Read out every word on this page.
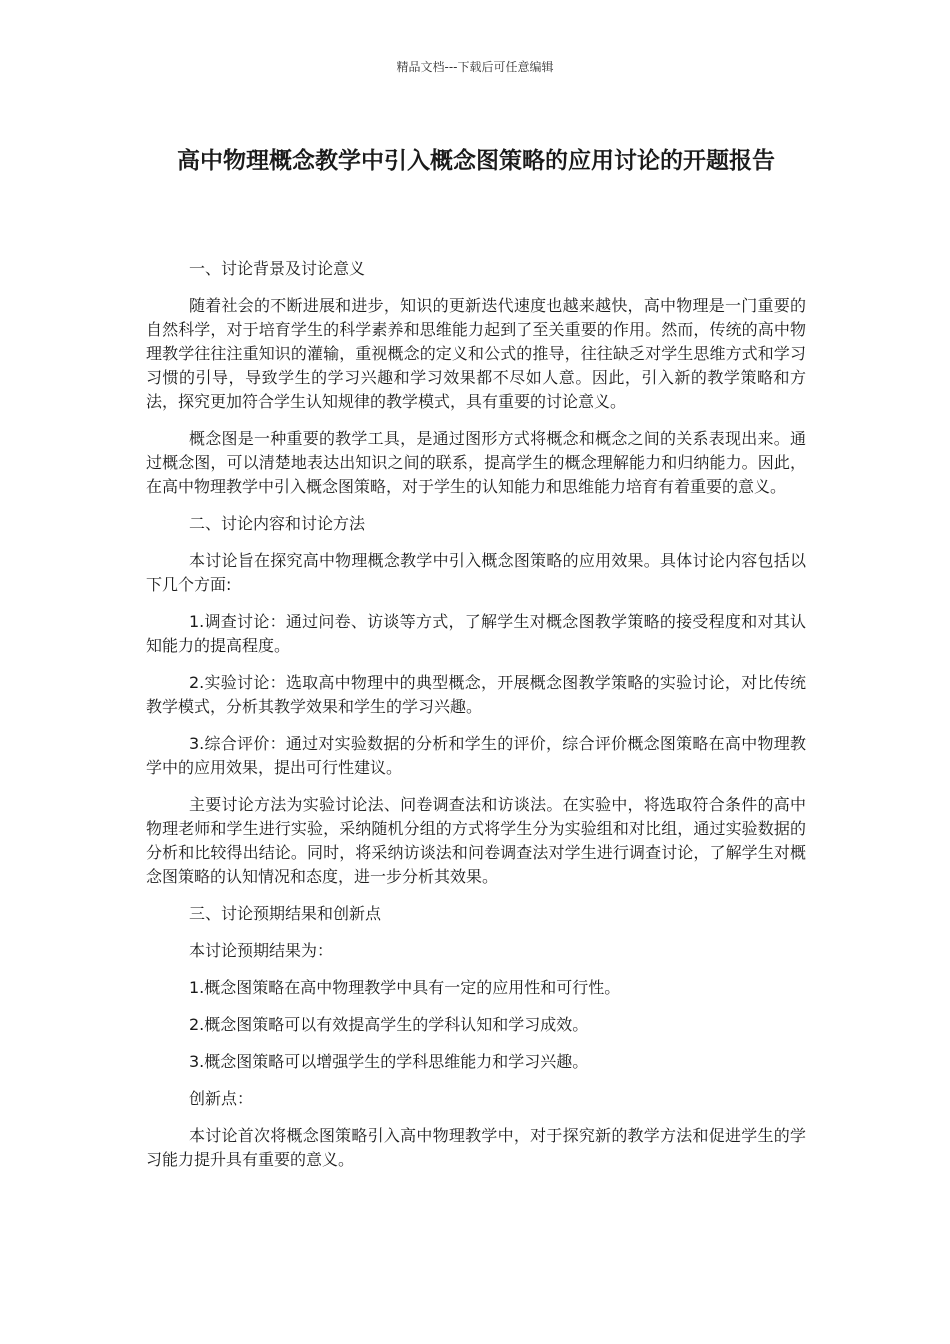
精品文档---下载后可任意编辑
高中物理概念教学中引入概念图策略的应用讨论的开题报告

一、讨论背景及讨论意义

随着社会的不断进展和进步，知识的更新迭代速度也越来越快，高中物理是一门重要的自然科学，对于培育学生的科学素养和思维能力起到了至关重要的作用。然而，传统的高中物理教学往往注重知识的灌输，重视概念的定义和公式的推导，往往缺乏对学生思维方式和学习习惯的引导，导致学生的学习兴趣和学习效果都不尽如人意。因此，引入新的教学策略和方法，探究更加符合学生认知规律的教学模式，具有重要的讨论意义。

概念图是一种重要的教学工具，是通过图形方式将概念和概念之间的关系表现出来。通过概念图，可以清楚地表达出知识之间的联系，提高学生的概念理解能力和归纳能力。因此，在高中物理教学中引入概念图策略，对于学生的认知能力和思维能力培育有着重要的意义。

二、讨论内容和讨论方法

本讨论旨在探究高中物理概念教学中引入概念图策略的应用效果。具体讨论内容包括以下几个方面:

1.调查讨论：通过问卷、访谈等方式，了解学生对概念图教学策略的接受程度和对其认知能力的提高程度。

2.实验讨论：选取高中物理中的典型概念，开展概念图教学策略的实验讨论，对比传统教学模式，分析其教学效果和学生的学习兴趣。

3.综合评价：通过对实验数据的分析和学生的评价，综合评价概念图策略在高中物理教学中的应用效果，提出可行性建议。

主要讨论方法为实验讨论法、问卷调查法和访谈法。在实验中，将选取符合条件的高中物理老师和学生进行实验，采纳随机分组的方式将学生分为实验组和对比组，通过实验数据的分析和比较得出结论。同时，将采纳访谈法和问卷调查法对学生进行调查讨论，了解学生对概念图策略的认知情况和态度，进一步分析其效果。

三、讨论预期结果和创新点

本讨论预期结果为：

1.概念图策略在高中物理教学中具有一定的应用性和可行性。

2.概念图策略可以有效提高学生的学科认知和学习成效。

3.概念图策略可以增强学生的学科思维能力和学习兴趣。

创新点：

本讨论首次将概念图策略引入高中物理教学中，对于探究新的教学方法和促进学生的学习能力提升具有重要的意义。
